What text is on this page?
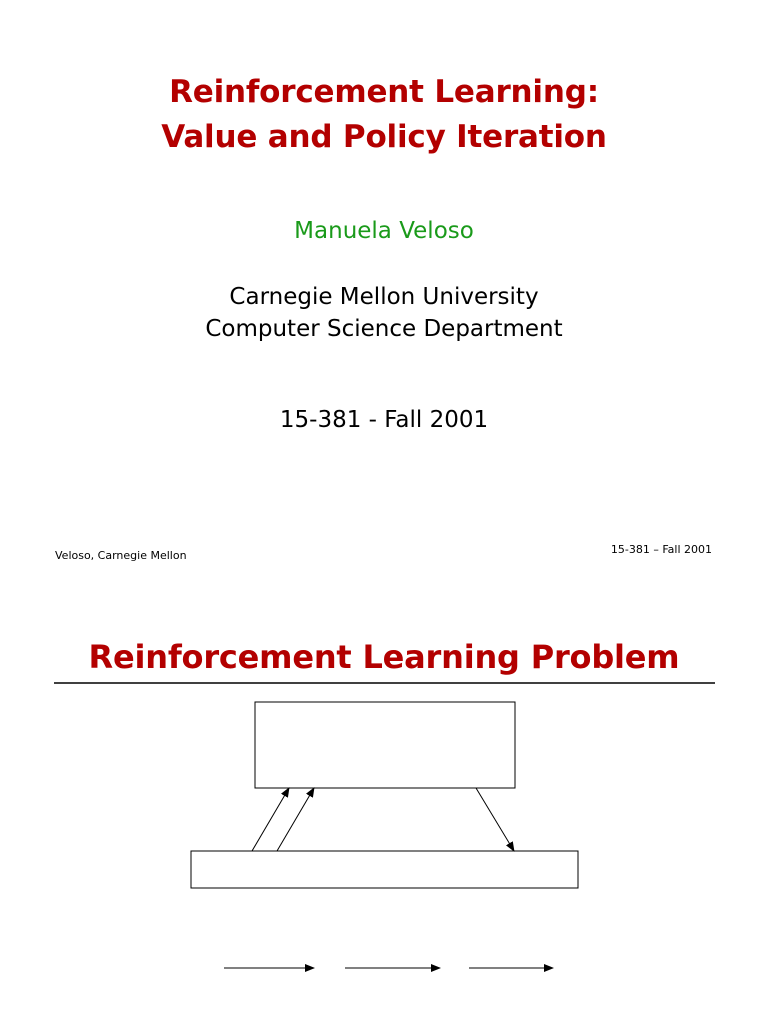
Reinforcement Learning:
Value and Policy Iteration
Manuela Veloso
Carnegie Mellon University
Computer Science Department
15-381 - Fall 2001
Veloso, Carnegie Mellon	15-381 – Fall 2001
Reinforcement Learning Problem
